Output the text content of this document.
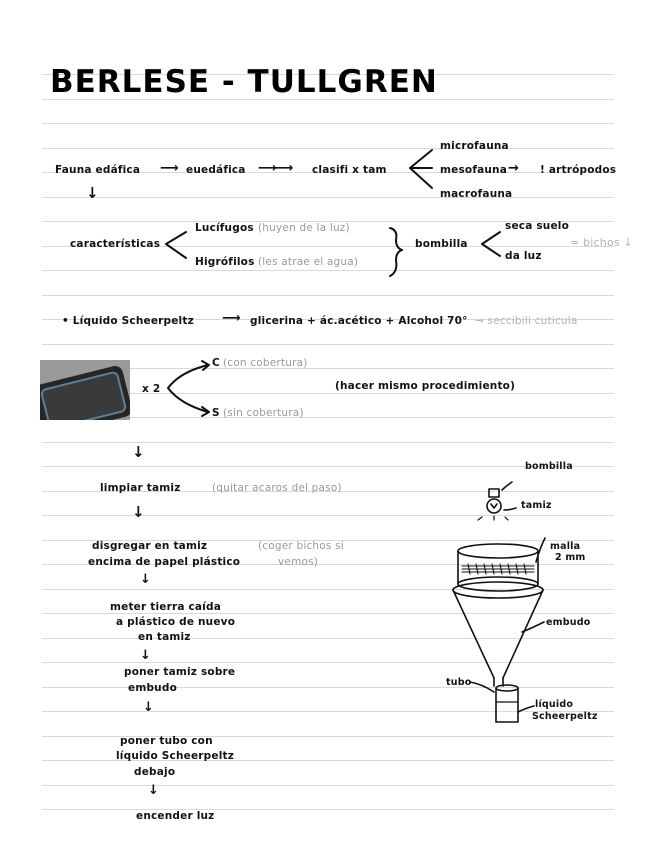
BERLESE - TULLGREN
Fauna edáfica ⟶ euedáfica ⟶⟶ clasifi x tam
microfauna
mesofauna → ! artrópodos
macrofauna
↓
características
Lucífugos (huyen de la luz)
Higrófilos (les atrae el agua)
bombilla
seca suelo
da luz
= bichos ↓
• Líquido Scheerpeltz ⟶ glicerina + ác.acético + Alcohol 70° → seccibili cuticula
x 2
C (con cobertura)
S (sin cobertura)
(hacer mismo procedimiento)
↓
limpiar tamiz	(quitar acaros del paso)
↓
disgregar en tamiz
encima de papel plástico
(coger bichos si
vemos)
↓
meter tierra caída
a plástico de nuevo
en tamiz
↓
poner tamiz sobre
embudo
↓
poner tubo con
líquido Scheerpeltz
debajo
↓
encender luz
bombilla
tamiz
malla
2 mm
embudo
tubo
líquido
Scheerpeltz
